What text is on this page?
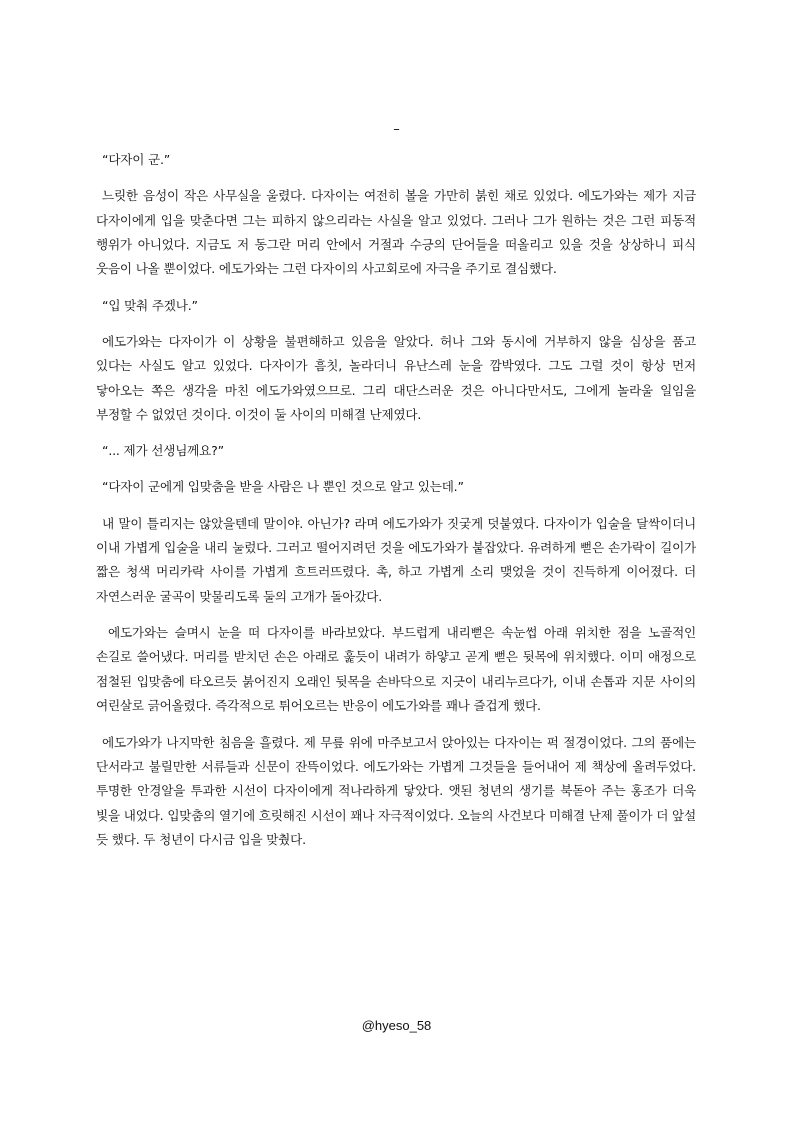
–

“다자이 군.”

느릿한 음성이 작은 사무실을 울렸다. 다자이는 여전히 볼을 가만히 붉힌 채로 있었다. 에도가와는 제가 지금 다자이에게 입을 맞춘다면 그는 피하지 않으리라는 사실을 알고 있었다. 그러나 그가 원하는 것은 그런 피동적 행위가 아니었다. 지금도 저 동그란 머리 안에서 거절과 수긍의 단어들을 떠올리고 있을 것을 상상하니 피식 웃음이 나올 뿐이었다. 에도가와는 그런 다자이의 사고회로에 자극을 주기로 결심했다.

“입 맞춰 주겠나.”

에도가와는 다자이가 이 상황을 불편해하고 있음을 알았다. 허나 그와 동시에 거부하지 않을 심상을 품고 있다는 사실도 알고 있었다. 다자이가 흠칫, 놀라더니 유난스레 눈을 깜박였다. 그도 그럴 것이 항상 먼저 닿아오는 쪽은 생각을 마친 에도가와였으므로. 그리 대단스러운 것은 아니다만서도, 그에게 놀라울 일임을 부정할 수 없었던 것이다. 이것이 둘 사이의 미해결 난제였다.

“... 제가 선생님께요?”

“다자이 군에게 입맞춤을 받을 사람은 나 뿐인 것으로 알고 있는데.”

내 말이 틀리지는 않았을텐데 말이야. 아닌가? 라며 에도가와가 짓궂게 덧붙였다. 다자이가 입술을 달싹이더니 이내 가볍게 입술을 내리 눌렀다. 그러고 떨어지려던 것을 에도가와가 붙잡았다. 유려하게 뻗은 손가락이 길이가 짧은 청색 머리카락 사이를 가볍게 흐트러뜨렸다. 촉, 하고 가볍게 소리 맺었을 것이 진득하게 이어졌다. 더 자연스러운 굴곡이 맞물리도록 둘의 고개가 돌아갔다.

에도가와는 슬며시 눈을 떠 다자이를 바라보았다. 부드럽게 내리뻗은 속눈썹 아래 위치한 점을 노골적인 손길로 쓸어냈다. 머리를 받치던 손은 아래로 훑듯이 내려가 하얗고 곧게 뻗은 뒷목에 위치했다. 이미 애정으로 점철된 입맞춤에 타오르듯 붉어진지 오래인 뒷목을 손바닥으로 지긋이 내리누르다가, 이내 손톱과 지문 사이의 여린살로 긁어올렸다. 즉각적으로 튀어오르는 반응이 에도가와를 꽤나 즐겁게 했다.

에도가와가 나지막한 침음을 흘렸다. 제 무릎 위에 마주보고서 앉아있는 다자이는 퍽 절경이었다. 그의 품에는 단서라고 불릴만한 서류들과 신문이 잔뜩이었다. 에도가와는 가볍게 그것들을 들어내어 제 책상에 올려두었다. 투명한 안경알을 투과한 시선이 다자이에게 적나라하게 닿았다. 앳된 청년의 생기를 북돋아 주는 홍조가 더욱 빛을 내었다. 입맞춤의 열기에 흐릿해진 시선이 꽤나 자극적이었다. 오늘의 사건보다 미해결 난제 풀이가 더 앞설 듯 했다. 두 청년이 다시금 입을 맞췄다.

@hyeso_58
